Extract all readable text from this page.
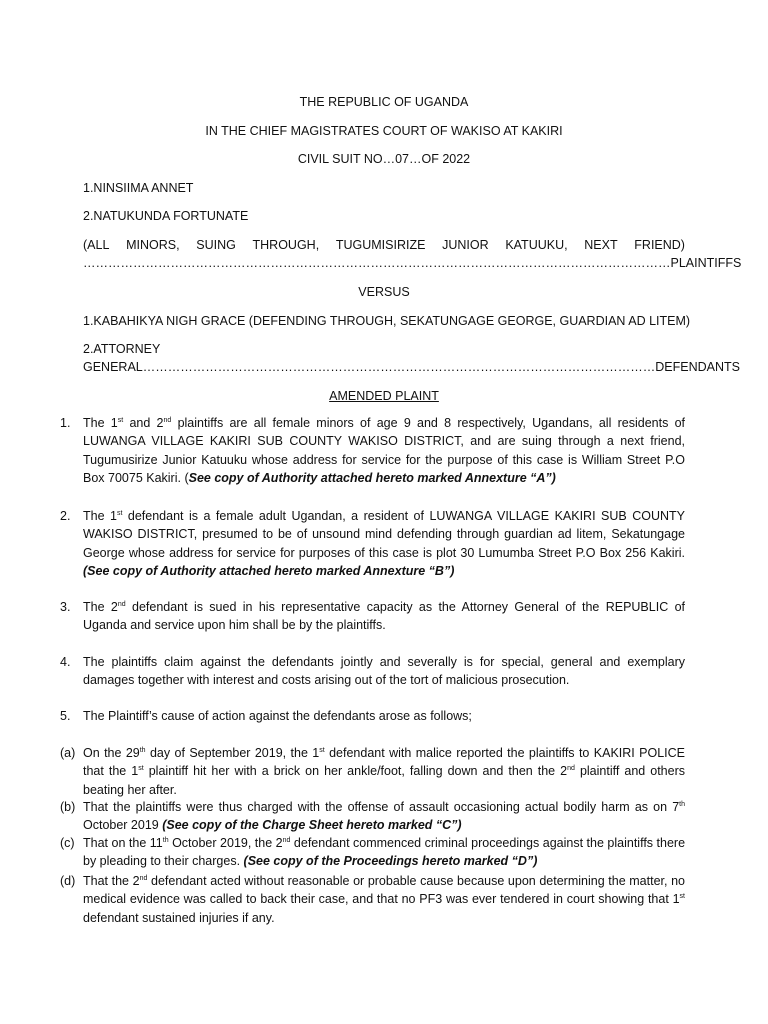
THE REPUBLIC OF UGANDA
IN THE CHIEF MAGISTRATES COURT OF WAKISO AT KAKIRI
CIVIL SUIT NO…07…OF 2022
1.NINSIIMA ANNET
2.NATUKUNDA FORTUNATE
(ALL MINORS, SUING THROUGH, TUGUMISIRIZE JUNIOR KATUUKU, NEXT FRIEND)
……………………………………………………………………………………………………………………………PLAINTIFFS
VERSUS
1.KABAHIKYA NIGH GRACE (DEFENDING THROUGH, SEKATUNGAGE GEORGE, GUARDIAN AD LITEM)
2.ATTORNEY
GENERAL……………………………………………………………………………………………………………DEFENDANTS
AMENDED PLAINT
1. The 1st and 2nd plaintiffs are all female minors of age 9 and 8 respectively, Ugandans, all residents of LUWANGA VILLAGE KAKIRI SUB COUNTY WAKISO DISTRICT, and are suing through a next friend, Tugumusirize Junior Katuuku whose address for service for the purpose of this case is William Street P.O Box 70075 Kakiri. (See copy of Authority attached hereto marked Annexture “A”)
2. The 1st defendant is a female adult Ugandan, a resident of LUWANGA VILLAGE KAKIRI SUB COUNTY WAKISO DISTRICT, presumed to be of unsound mind defending through guardian ad litem, Sekatungage George whose address for service for purposes of this case is plot 30 Lumumba Street P.O Box 256 Kakiri. (See copy of Authority attached hereto marked Annexture “B”)
3. The 2nd defendant is sued in his representative capacity as the Attorney General of the REPUBLIC of Uganda and service upon him shall be by the plaintiffs.
4. The plaintiffs claim against the defendants jointly and severally is for special, general and exemplary damages together with interest and costs arising out of the tort of malicious prosecution.
5. The Plaintiff’s cause of action against the defendants arose as follows;
(a) On the 29th day of September 2019, the 1st defendant with malice reported the plaintiffs to KAKIRI POLICE that the 1st plaintiff hit her with a brick on her ankle/foot, falling down and then the 2nd plaintiff and others beating her after.
(b) That the plaintiffs were thus charged with the offense of assault occasioning actual bodily harm as on 7th October 2019 (See copy of the Charge Sheet hereto marked “C”)
(c) That on the 11th October 2019, the 2nd defendant commenced criminal proceedings against the plaintiffs there by pleading to their charges. (See copy of the Proceedings hereto marked “D”)
(d) That the 2nd defendant acted without reasonable or probable cause because upon determining the matter, no medical evidence was called to back their case, and that no PF3 was ever tendered in court showing that 1st defendant sustained injuries if any.
